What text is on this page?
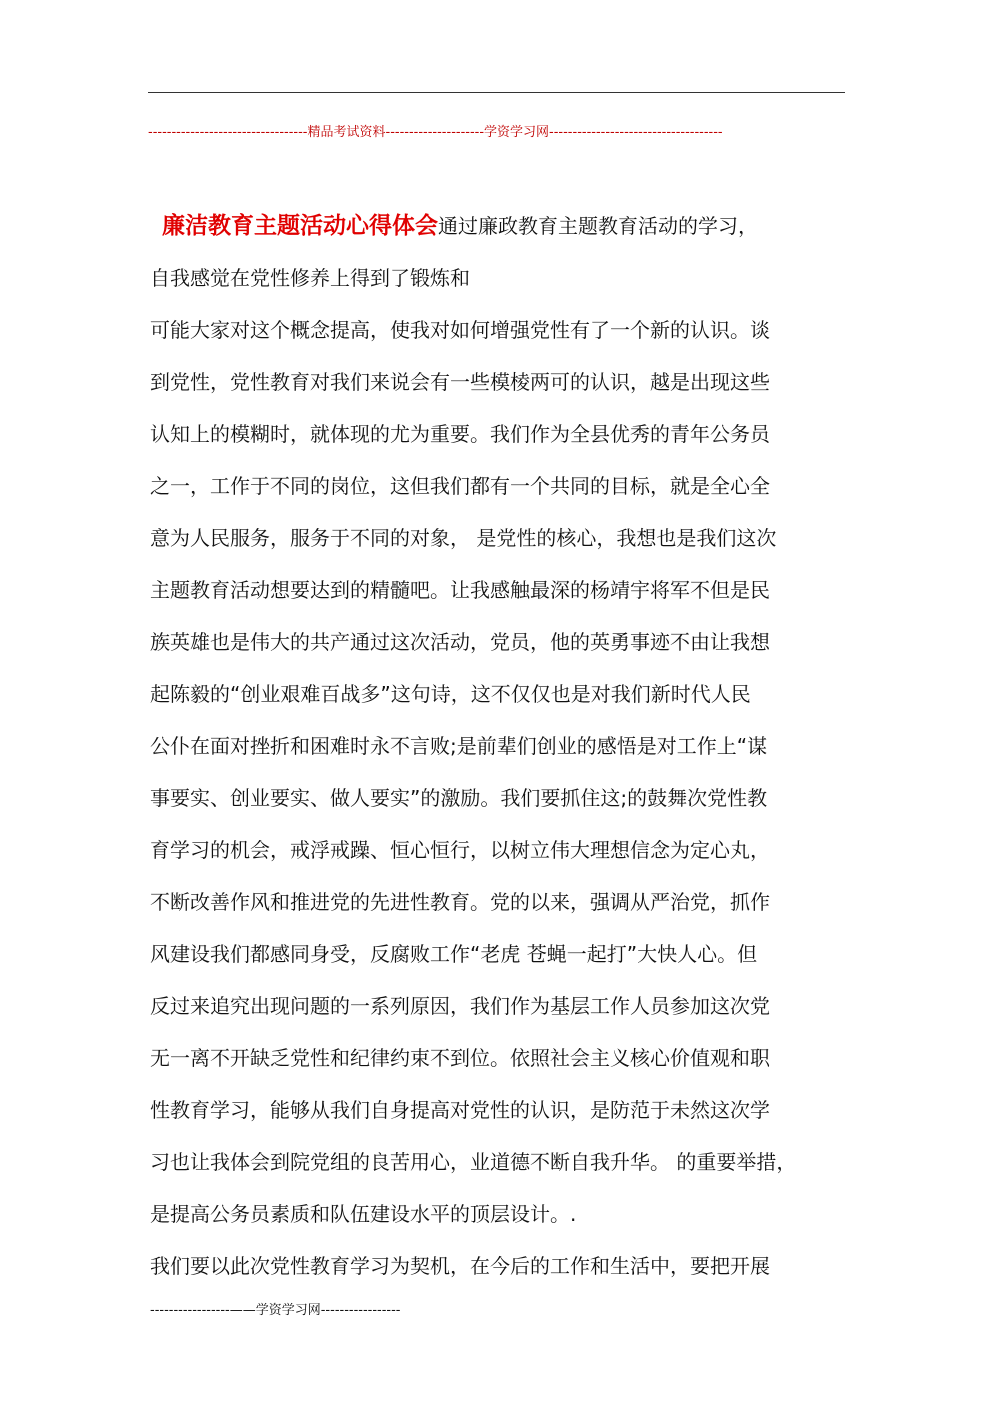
----------------------------------精品考试资料---------------------学资学习网-------------------------------------
廉洁教育主题活动心得体会通过廉政教育主题教育活动的学习，
自我感觉在党性修养上得到了锻炼和
可能大家对这个概念提高，使我对如何增强党性有了一个新的认识。谈
到党性，党性教育对我们来说会有一些模棱两可的认识，越是出现这些
认知上的模糊时，就体现的尤为重要。我们作为全县优秀的青年公务员
之一，工作于不同的岗位，这但我们都有一个共同的目标，就是全心全
意为人民服务，服务于不同的对象， 是党性的核心，我想也是我们这次
主题教育活动想要达到的精髓吧。让我感触最深的杨靖宇将军不但是民
族英雄也是伟大的共产通过这次活动，党员，他的英勇事迹不由让我想
起陈毅的“创业艰难百战多”这句诗，这不仅仅也是对我们新时代人民
公仆在面对挫折和困难时永不言败;是前辈们创业的感悟是对工作上“谋
事要实、创业要实、做人要实”的激励。我们要抓住这;的鼓舞次党性教
育学习的机会，戒浮戒躁、恒心恒行，以树立伟大理想信念为定心丸，
不断改善作风和推进党的先进性教育。党的以来，强调从严治党，抓作
风建设我们都感同身受，反腐败工作“老虎 苍蝇一起打”大快人心。但
反过来追究出现问题的一系列原因，我们作为基层工作人员参加这次党
无一离不开缺乏党性和纪律约束不到位。依照社会主义核心价值观和职
性教育学习，能够从我们自身提高对党性的认识，是防范于未然这次学
习也让我体会到院党组的良苦用心，业道德不断自我升华。 的重要举措，
是提高公务员素质和队伍建设水平的顶层设计。.
我们要以此次党性教育学习为契机，在今后的工作和生活中，要把开展
-----------------——学资学习网-----------------
